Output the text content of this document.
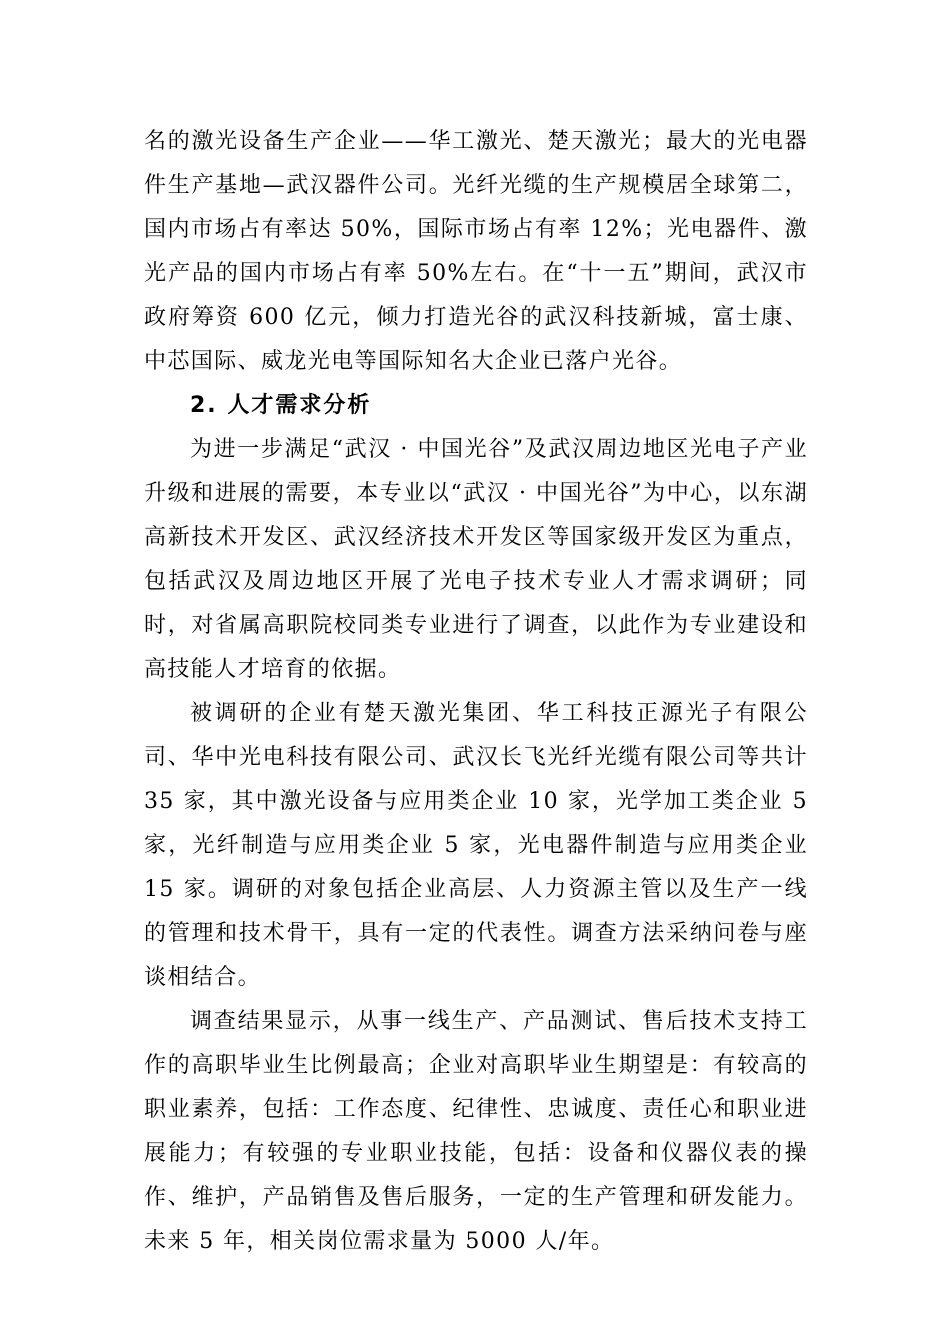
名的激光设备生产企业——华工激光、楚天激光；最大的光电器件生产基地—武汉器件公司。光纤光缆的生产规模居全球第二，国内市场占有率达 50%，国际市场占有率 12%；光电器件、激光产品的国内市场占有率 50%左右。在“十一五”期间，武汉市政府筹资 600 亿元，倾力打造光谷的武汉科技新城，富士康、中芯国际、威龙光电等国际知名大企业已落户光谷。

2. 人才需求分析

为进一步满足“武汉 · 中国光谷”及武汉周边地区光电子产业升级和进展的需要，本专业以“武汉 · 中国光谷”为中心，以东湖高新技术开发区、武汉经济技术开发区等国家级开发区为重点，包括武汉及周边地区开展了光电子技术专业人才需求调研；同时，对省属高职院校同类专业进行了调查，以此作为专业建设和高技能人才培育的依据。

被调研的企业有楚天激光集团、华工科技正源光子有限公司、华中光电科技有限公司、武汉长飞光纤光缆有限公司等共计 35 家，其中激光设备与应用类企业 10 家，光学加工类企业 5 家，光纤制造与应用类企业 5 家，光电器件制造与应用类企业 15 家。调研的对象包括企业高层、人力资源主管以及生产一线的管理和技术骨干，具有一定的代表性。调查方法采纳问卷与座谈相结合。

调查结果显示，从事一线生产、产品测试、售后技术支持工作的高职毕业生比例最高；企业对高职毕业生期望是：有较高的职业素养，包括：工作态度、纪律性、忠诚度、责任心和职业进展能力；有较强的专业职业技能，包括：设备和仪器仪表的操作、维护，产品销售及售后服务，一定的生产管理和研发能力。未来 5 年，相关岗位需求量为 5000 人/年。
